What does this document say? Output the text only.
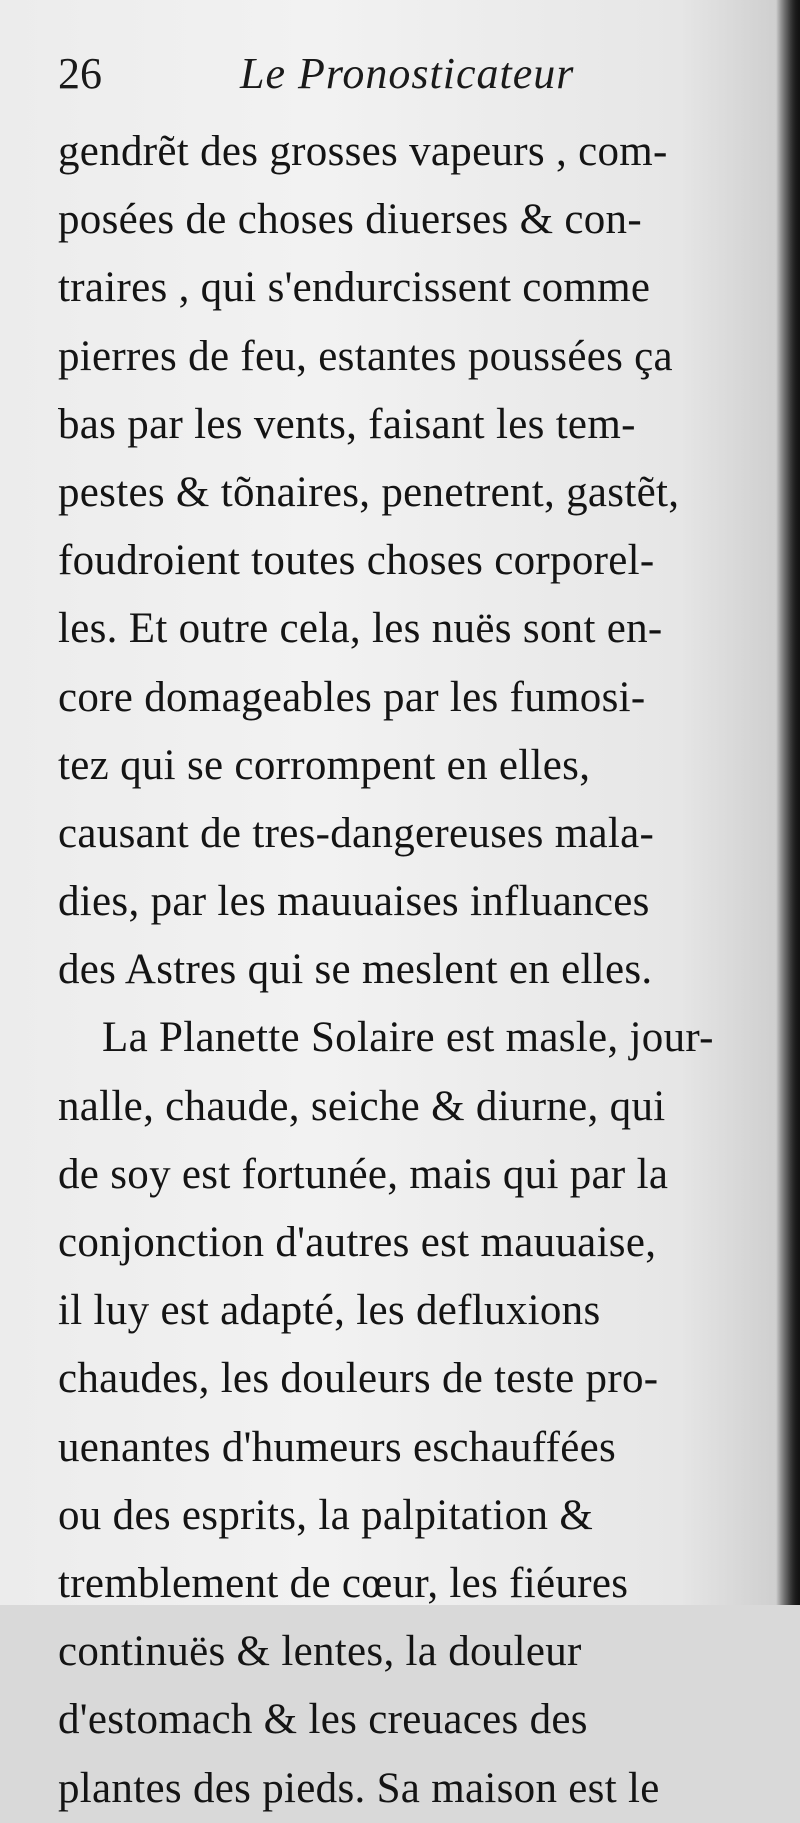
26	Le Pronosticateur
gendrẽt des grosses vapeurs , com-
posées de choses diuerses & con-
traires , qui s'endurcissent comme
pierres de feu, estantes poussées ça
bas par les vents, faisant les tem-
pestes & tõnaires, penetrent, gastẽt,
foudroient toutes choses corporel-
les. Et outre cela, les nuës sont en-
core domageables par les fumosi-
tez qui se corrompent en elles,
causant de tres-dangereuses mala-
dies, par les mauuaises influances
des Astres qui se meslent en elles.
La Planette Solaire est masle, jour-
nalle, chaude, seiche & diurne, qui
de soy est fortunée, mais qui par la
conjonction d'autres est mauuaise,
il luy est adapté, les defluxions
chaudes, les douleurs de teste pro-
uenantes d'humeurs eschauffées
ou des esprits, la palpitation &
tremblement de cœur, les fiéures
continuës & lentes, la douleur
d'estomach & les creuaces des
plantes des pieds. Sa maison est le
